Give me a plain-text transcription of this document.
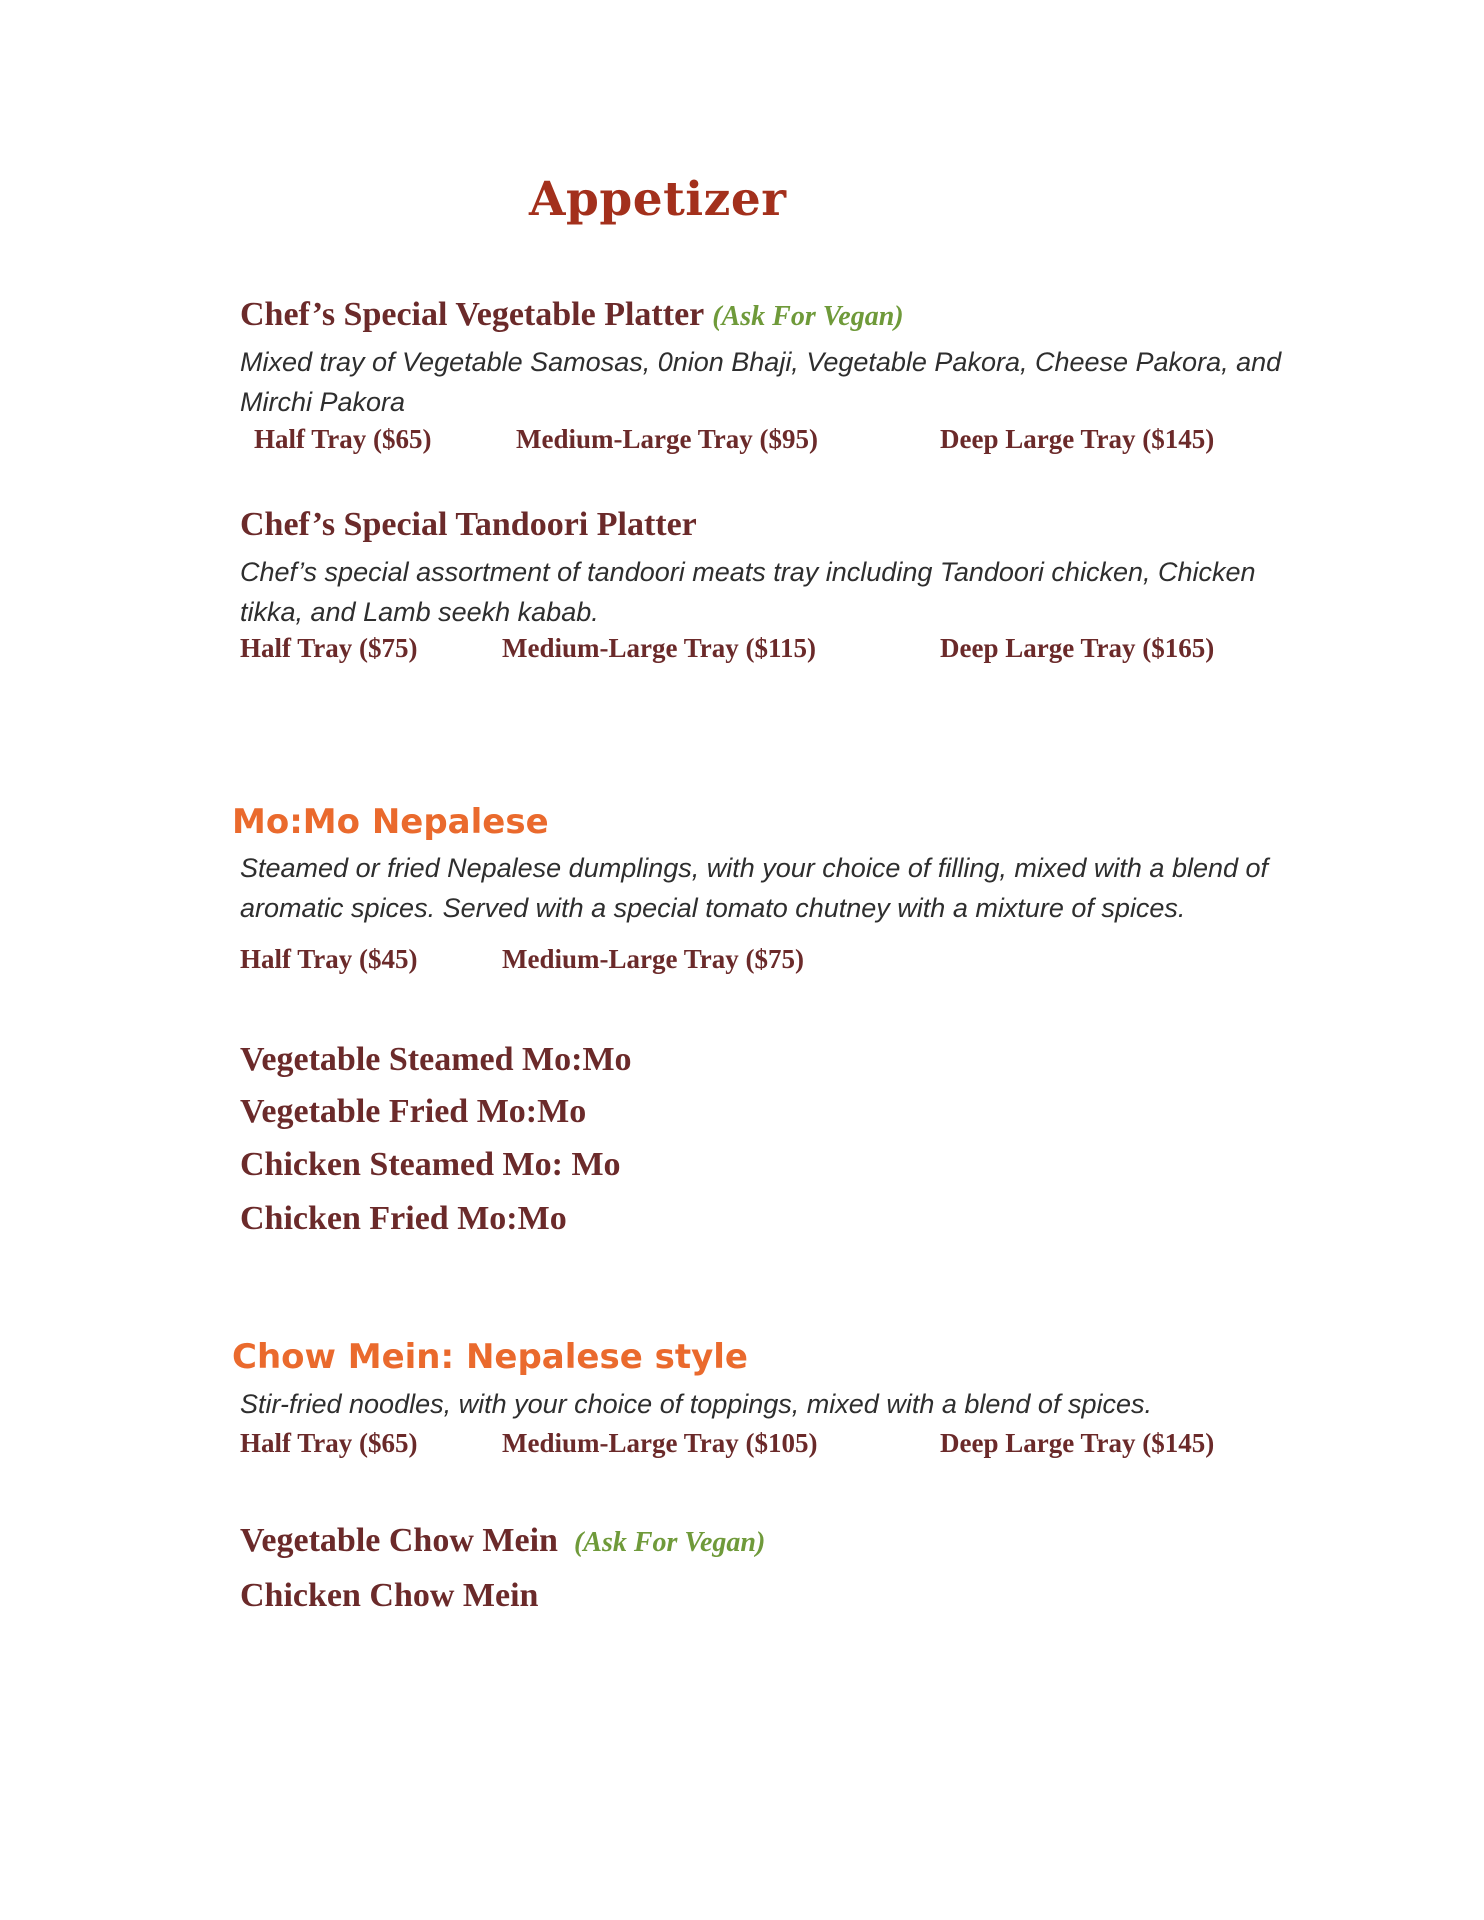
Appetizer
Chef’s Special Vegetable Platter (Ask For Vegan)
Mixed tray of Vegetable Samosas, 0nion Bhaji, Vegetable Pakora, Cheese Pakora, and Mirchi Pakora
Half Tray ($65)	Medium-Large Tray ($95)	Deep Large Tray ($145)
Chef’s Special Tandoori Platter
Chef’s special assortment of tandoori meats tray including Tandoori chicken, Chicken tikka, and Lamb seekh kabab.
Half Tray ($75)	Medium-Large Tray ($115)	Deep Large Tray ($165)
Mo:Mo Nepalese
Steamed or fried Nepalese dumplings, with your choice of filling, mixed with a blend of aromatic spices. Served with a special tomato chutney with a mixture of spices.
Half Tray ($45)	Medium-Large Tray ($75)
Vegetable Steamed Mo:Mo
Vegetable Fried Mo:Mo
Chicken Steamed Mo: Mo
Chicken Fried Mo:Mo
Chow Mein: Nepalese style
Stir-fried noodles, with your choice of toppings, mixed with a blend of spices.
Half Tray ($65)	Medium-Large Tray ($105)	Deep Large Tray ($145)
Vegetable Chow Mein (Ask For Vegan)
Chicken Chow Mein
